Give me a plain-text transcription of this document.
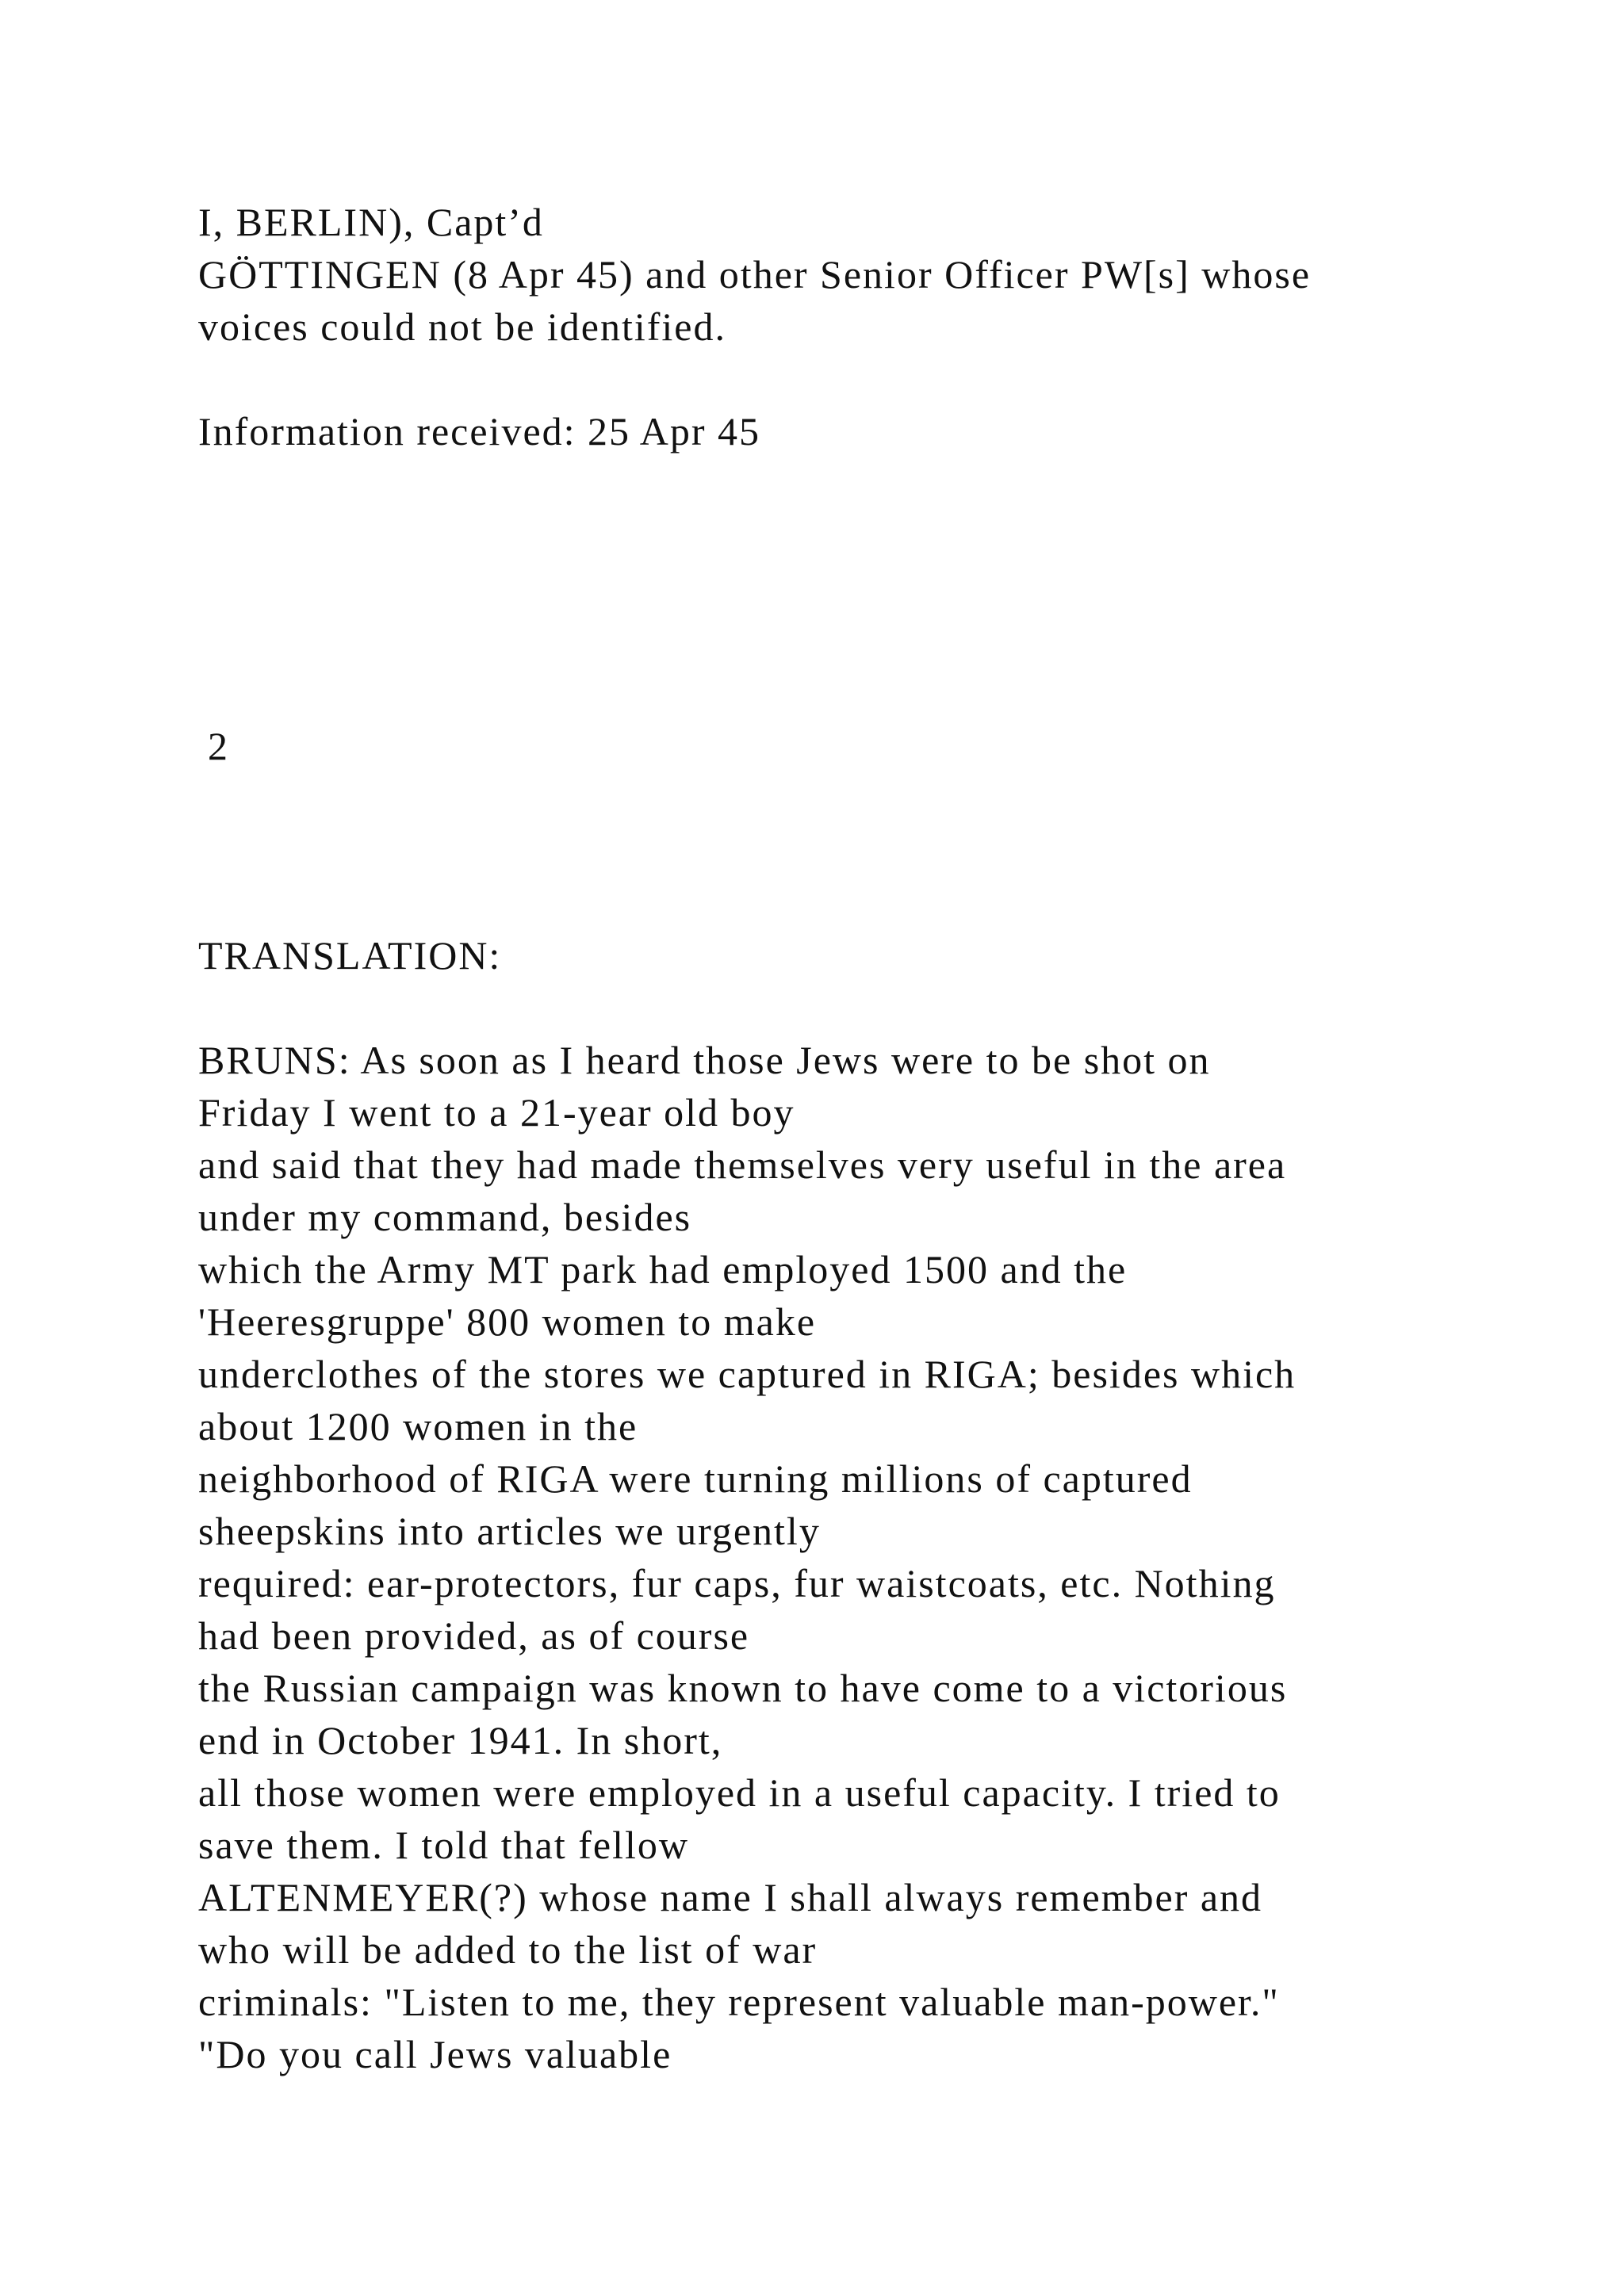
I, BERLIN), Capt’d

GÖTTINGEN (8 Apr 45) and other Senior Officer PW[s] whose

voices could not be identified.

Information received: 25 Apr 45

2

TRANSLATION:

BRUNS: As soon as I heard those Jews were to be shot on

Friday I went to a 21-year old boy

and said that they had made themselves very useful in the area

under my command, besides

which the Army MT park had employed 1500 and the

'Heeresgruppe' 800 women to make

underclothes of the stores we captured in RIGA; besides which

about 1200 women in the

neighborhood of RIGA were turning millions of captured

sheepskins into articles we urgently

required: ear-protectors, fur caps, fur waistcoats, etc. Nothing

had been provided, as of course

the Russian campaign was known to have come to a victorious

end in October 1941. In short,

all those women were employed in a useful capacity. I tried to

save them. I told that fellow

ALTENMEYER(?) whose name I shall always remember and

who will be added to the list of war

criminals: "Listen to me, they represent valuable man-power."

"Do you call Jews valuable
